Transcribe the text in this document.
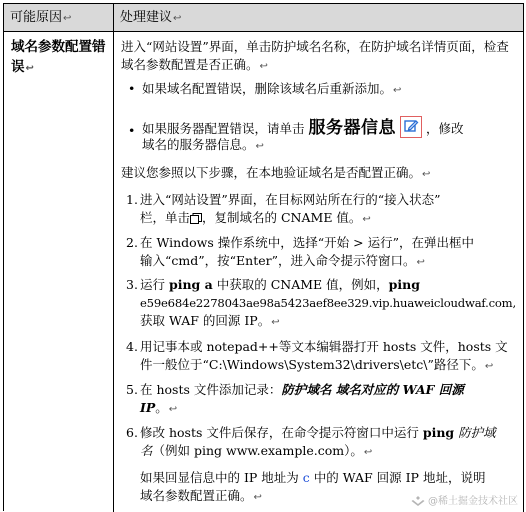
可能原因↩	处理建议↩
域名参数配置错误↩
进入“网站设置”界面，单击防护域名名称，在防护域名详情页面，检查域名参数配置是否正确。↩
• 如果域名配置错误，删除该域名后重新添加。↩
• 如果服务器配置错误，请单击 服务器信息 ，修改
域名的服务器信息。↩
建议您参照以下步骤，在本地验证域名是否配置正确。↩
1. 进入“网站设置”界面，在目标网站所在行的“接入状态”
栏，单击 ，复制域名的 CNAME 值。↩
2. 在 Windows 操作系统中，选择“开始 > 运行”，在弹出框中
输入“cmd”，按“Enter”，进入命令提示符窗口。↩
3. 运行 ping a 中获取的 CNAME 值，例如，ping
e59e684e2278043ae98a5423aef8ee329.vip.huaweicloudwaf.com,
获取 WAF 的回源 IP。↩
4. 用记事本或 notepad++等文本编辑器打开 hosts 文件，hosts 文
件一般位于“C:\Windows\System32\drivers\etc\”路径下。↩
5. 在 hosts 文件添加记录：防护域名 域名对应的 WAF 回源
IP。↩
6. 修改 hosts 文件后保存，在命令提示符窗口中运行 ping 防护域
名（例如 ping www.example.com）。↩
如果回显信息中的 IP 地址为 c 中的 WAF 回源 IP 地址，说明
域名参数配置正确。↩	@稀土掘金技术社区
